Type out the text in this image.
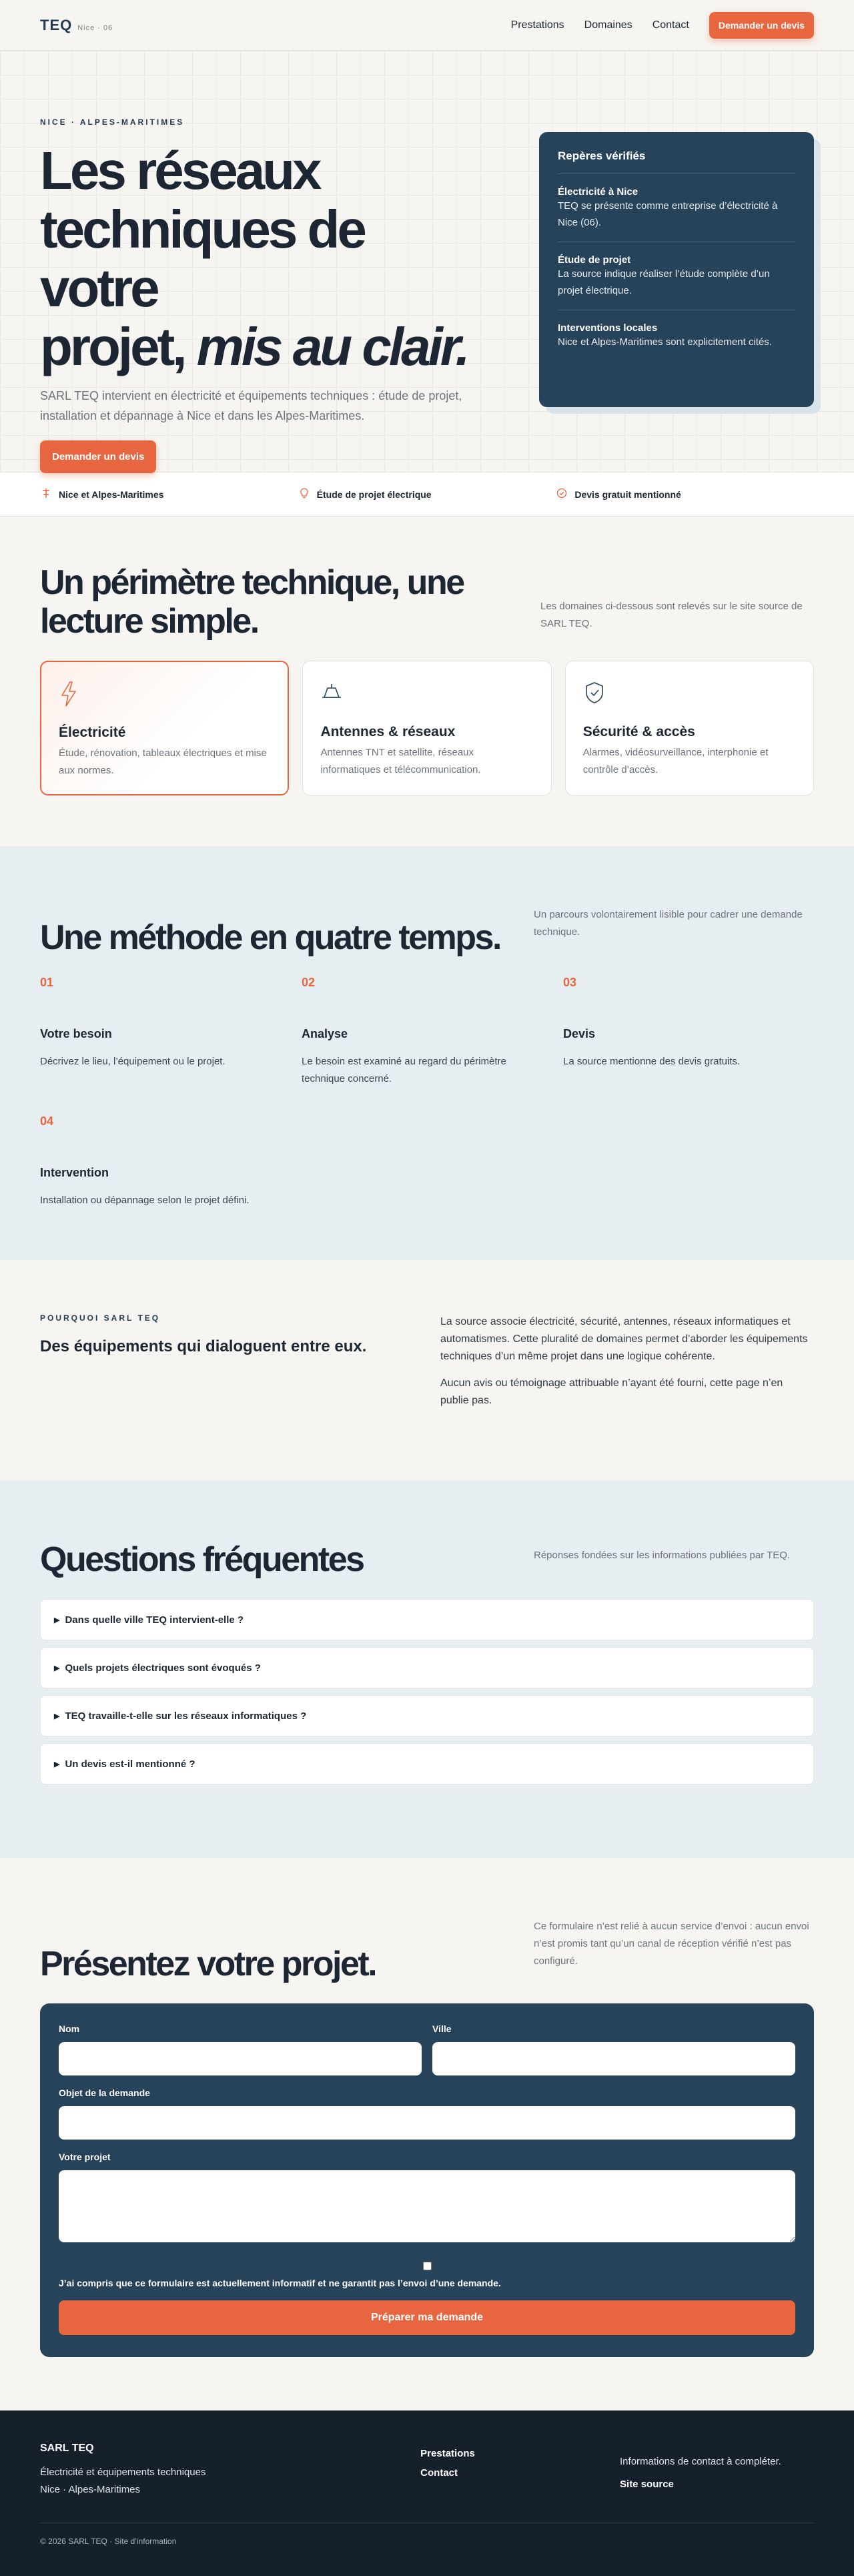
TEQ Nice · 06	Prestations Domaines Contact	Demander un devis
NICE · ALPES-MARITIMES
Les réseaux
techniques de votre
projet, mis au clair.

SARL TEQ intervient en électricité et équipements techniques : étude de projet, installation et dépannage à Nice et dans les Alpes-Maritimes.

Demander un devis
Repères vérifiés
Électricité à Nice
TEQ se présente comme entreprise d’électricité à Nice (06).
Étude de projet
La source indique réaliser l’étude complète d’un projet électrique.
Interventions locales
Nice et Alpes-Maritimes sont explicitement cités.
Nice et Alpes-Maritimes	Étude de projet électrique	Devis gratuit mentionné
Un périmètre technique, une lecture simple.	Les domaines ci-dessous sont relevés sur le site source de SARL TEQ.

Électricité
Étude, rénovation, tableaux électriques et mise aux normes.
Antennes & réseaux
Antennes TNT et satellite, réseaux informatiques et télécommunication.
Sécurité & accès
Alarmes, vidéosurveillance, interphonie et contrôle d’accès.
Une méthode en quatre temps.

Un parcours volontairement lisible pour cadrer une demande technique.

01
Votre besoin
Décrivez le lieu, l’équipement ou le projet.
02
Analyse
Le besoin est examiné au regard du périmètre technique concerné.
03
Devis
La source mentionne des devis gratuits.
04
Intervention
Installation ou dépannage selon le projet défini.
POURQUOI SARL TEQ
Des équipements qui dialoguent entre eux.

La source associe électricité, sécurité, antennes, réseaux informatiques et automatismes. Cette pluralité de domaines permet d’aborder les équipements techniques d’un même projet dans une logique cohérente.

Aucun avis ou témoignage attribuable n’ayant été fourni, cette page n’en publie pas.

Questions fréquentes	Réponses fondées sur les informations publiées par TEQ.

▶ Dans quelle ville TEQ intervient-elle ?
▶ Quels projets électriques sont évoqués ?
▶ TEQ travaille-t-elle sur les réseaux informatiques ?
▶ Un devis est-il mentionné ?
Présentez votre projet.

Ce formulaire n’est relié à aucun service d’envoi : aucun envoi n’est promis tant qu’un canal de réception vérifié n’est pas configuré.

Nom	Ville
Objet de la demande
Votre projet
J’ai compris que ce formulaire est actuellement informatif et ne garantit pas l’envoi d’une demande.
Préparer ma demande
SARL TEQ
Électricité et équipements techniques
Nice · Alpes-Maritimes
Prestations
Contact
Informations de contact à compléter.
Site source
© 2026 SARL TEQ · Site d’information
